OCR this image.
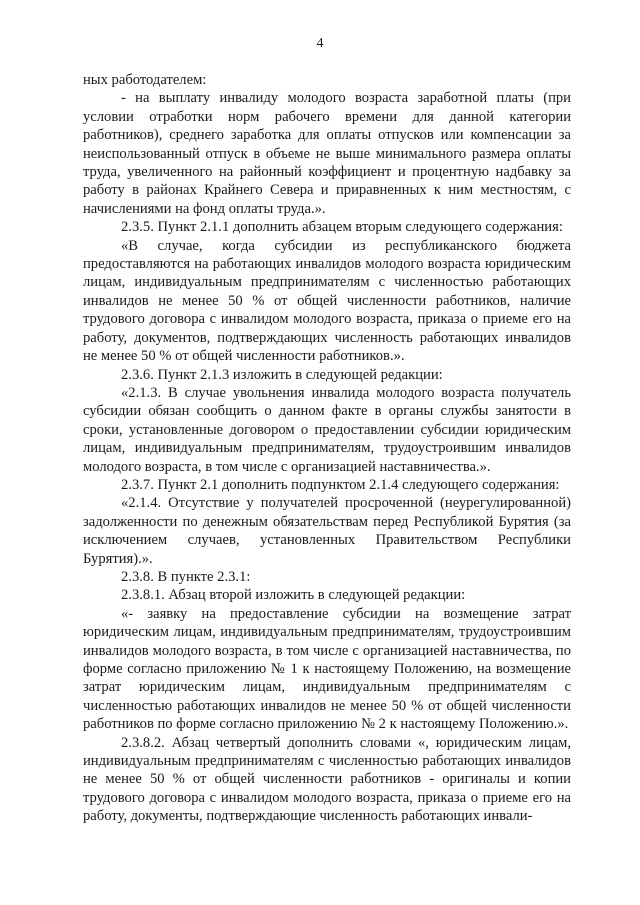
4

ных работодателем:

- на выплату инвалиду молодого возраста заработной платы (при условии отработки норм рабочего времени для данной категории работников), среднего заработка для оплаты отпусков или компенсации за неиспользованный отпуск в объеме не выше минимального размера оплаты труда, увеличенного на районный коэффициент и процентную надбавку за работу в районах Крайнего Севера и приравненных к ним местностям, с начислениями на фонд оплаты труда.».

2.3.5. Пункт 2.1.1 дополнить абзацем вторым следующего содержания:

«В случае, когда субсидии из республиканского бюджета предоставляются на работающих инвалидов молодого возраста юридическим лицам, индивидуальным предпринимателям с численностью работающих инвалидов не менее 50 % от общей численности работников, наличие трудового договора с инвалидом молодого возраста, приказа о приеме его на работу, документов, подтверждающих численность работающих инвалидов не менее 50 % от общей численности работников.».

2.3.6. Пункт 2.1.3 изложить в следующей редакции:

«2.1.3. В случае увольнения инвалида молодого возраста получатель субсидии обязан сообщить о данном факте в органы службы занятости в сроки, установленные договором о предоставлении субсидии юридическим лицам, индивидуальным предпринимателям, трудоустроившим инвалидов молодого возраста, в том числе с организацией наставничества.».

2.3.7. Пункт 2.1 дополнить подпунктом 2.1.4 следующего содержания:

«2.1.4. Отсутствие у получателей просроченной (неурегулированной) задолженности по денежным обязательствам перед Республикой Бурятия (за исключением случаев, установленных Правительством Республики Бурятия).».

2.3.8. В пункте 2.3.1:

2.3.8.1. Абзац второй изложить в следующей редакции:

«- заявку на предоставление субсидии на возмещение затрат юридическим лицам, индивидуальным предпринимателям, трудоустроившим инвалидов молодого возраста, в том числе с организацией наставничества, по форме согласно приложению № 1 к настоящему Положению, на возмещение затрат юридическим лицам, индивидуальным предпринимателям с численностью работающих инвалидов не менее 50 % от общей численности работников по форме согласно приложению № 2 к настоящему Положению.».

2.3.8.2. Абзац четвертый дополнить словами «, юридическим лицам, индивидуальным предпринимателям с численностью работающих инвалидов не менее 50 % от общей численности работников - оригиналы и копии трудового договора с инвалидом молодого возраста, приказа о приеме его на работу, документы, подтверждающие численность работающих инвали-
